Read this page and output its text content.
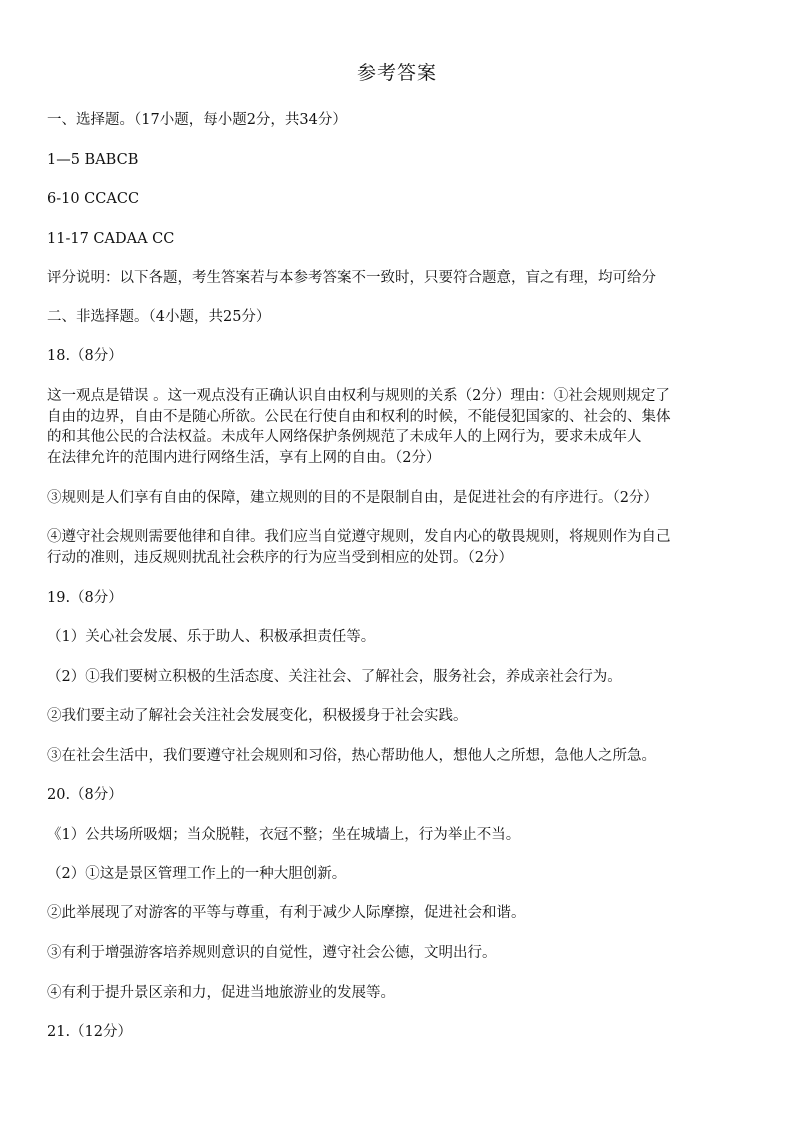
参考答案
一、选择题。（17小题，每小题2分，共34分）
1—5 BABCB
6-10 CCACC
11-17 CADAA CC
评分说明：以下各题，考生答案若与本参考答案不一致时，只要符合题意，盲之有理，均可给分
二、非选择题。（4小题，共25分）
18.（8分）
这一观点是错误 。这一观点没有正确认识自由权利与规则的关系（2分）理由：①社会规则规定了
自由的边界，自由不是随心所欲。公民在行使自由和权利的时候，不能侵犯国家的、社会的、集体
的和其他公民的合法权益。未成年人网络保护条例规范了未成年人的上网行为，要求未成年人
在法律允许的范围内进行网络生活，享有上网的自由。（2分）
③规则是人们享有自由的保障，建立规则的目的不是限制自由，是促进社会的有序进行。（2分）
④遵守社会规则需要他律和自律。我们应当自觉遵守规则，发自内心的敬畏规则，将规则作为自己
行动的准则，违反规则扰乱社会秩序的行为应当受到相应的处罚。（2分）
19.（8分）
（1）关心社会发展、乐于助人、积极承担责任等。
（2）①我们要树立积极的生活态度、关注社会、了解社会，服务社会，养成亲社会行为。
②我们要主动了解社会关注社会发展变化，积极援身于社会实践。
③在社会生活中，我们要遵守社会规则和习俗，热心帮助他人，想他人之所想，急他人之所急。
20.（8分）
《1）公共场所吸烟；当众脱鞋，衣冠不整；坐在城墙上，行为举止不当。
（2）①这是景区管理工作上的一种大胆创新。
②此举展现了对游客的平等与尊重，有利于减少人际摩擦，促进社会和谐。
③有利于增强游客培养规则意识的自觉性，遵守社会公德，文明出行。
④有利于提升景区亲和力，促进当地旅游业的发展等。
21.（12分）
